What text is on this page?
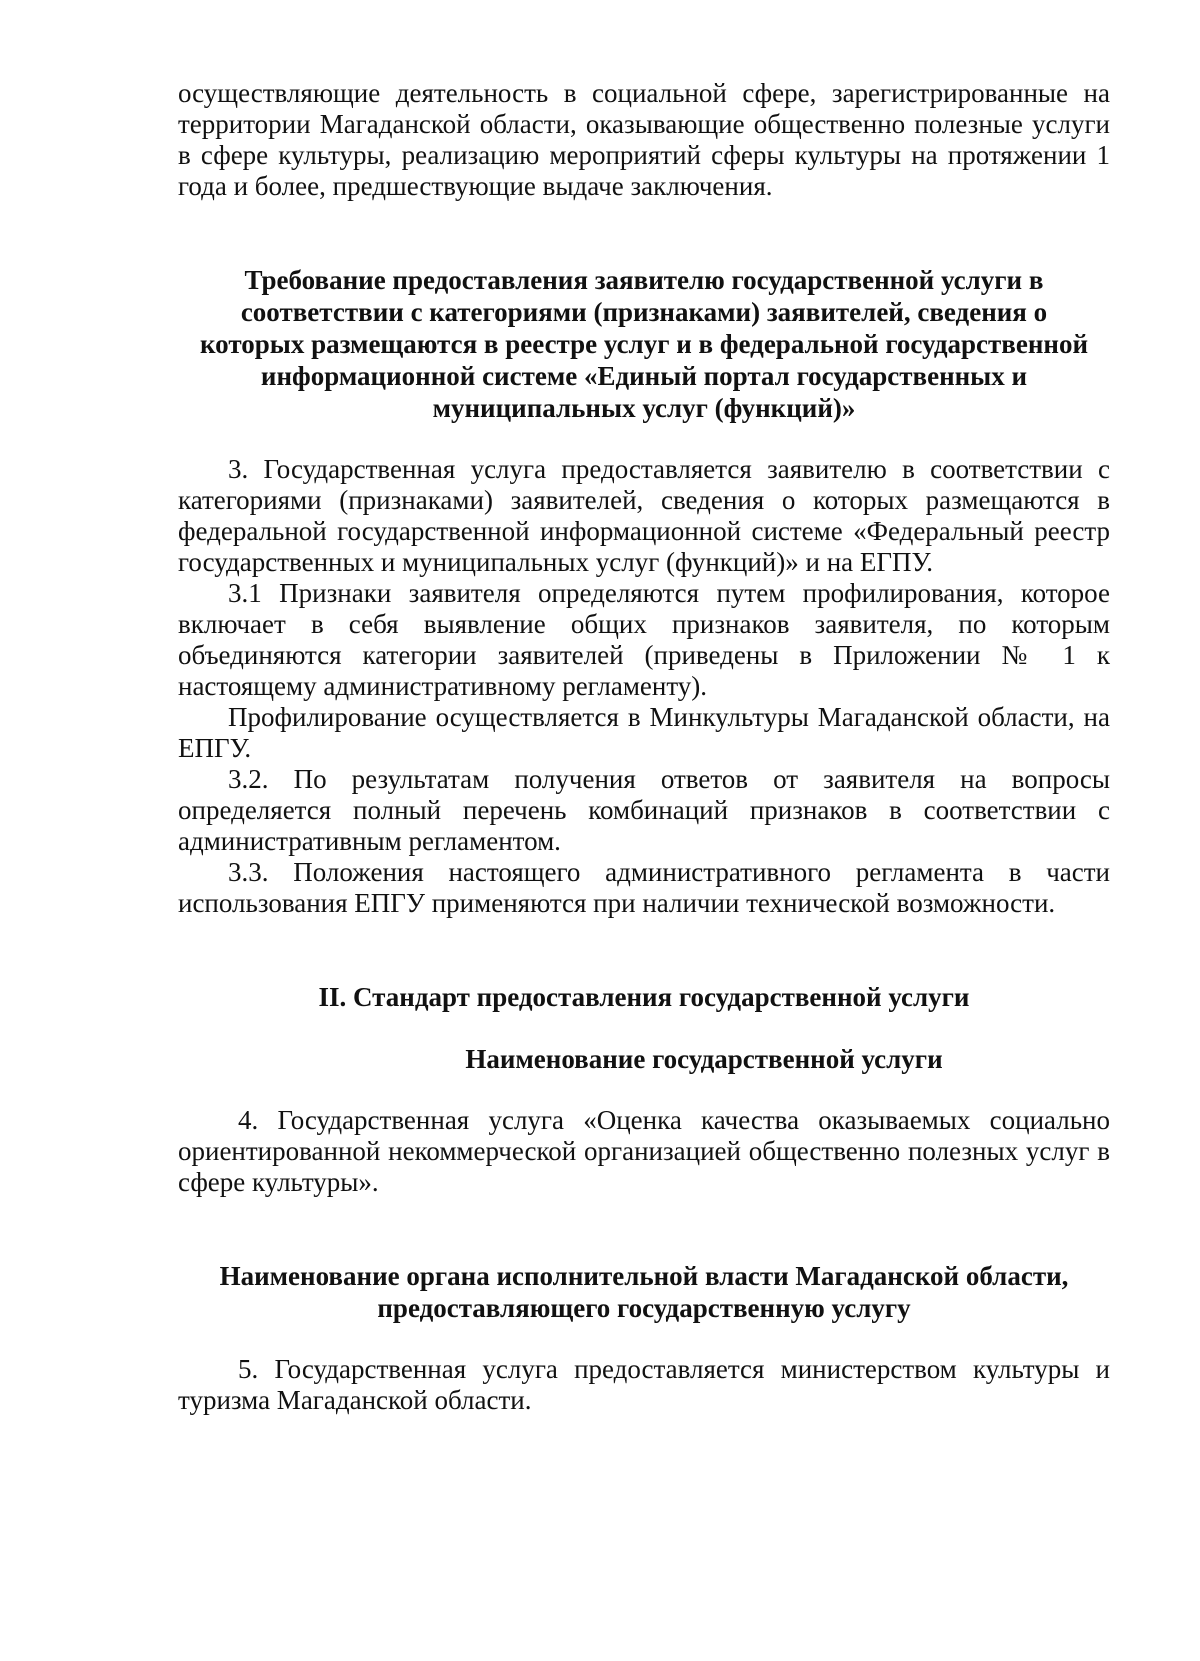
осуществляющие деятельность в социальной сфере, зарегистрированные на территории Магаданской области, оказывающие общественно полезные услуги в сфере культуры, реализацию мероприятий сферы культуры на протяжении 1 года и более, предшествующие выдаче заключения.

Требование предоставления заявителю государственной услуги в соответствии с категориями (признаками) заявителей, сведения о которых размещаются в реестре услуг и в федеральной государственной информационной системе «Единый портал государственных и муниципальных услуг (функций)»

3. Государственная услуга предоставляется заявителю в соответствии с категориями (признаками) заявителей, сведения о которых размещаются в федеральной государственной информационной системе «Федеральный реестр государственных и муниципальных услуг (функций)» и на ЕГПУ.

3.1 Признаки заявителя определяются путем профилирования, которое включает в себя выявление общих признаков заявителя, по которым объединяются категории заявителей (приведены в Приложении № 1 к настоящему административному регламенту).

Профилирование осуществляется в Минкультуры Магаданской области, на ЕПГУ.

3.2. По результатам получения ответов от заявителя на вопросы определяется полный перечень комбинаций признаков в соответствии с административным регламентом.

3.3. Положения настоящего административного регламента в части использования ЕПГУ применяются при наличии технической возможности.

II. Стандарт предоставления государственной услуги

Наименование государственной услуги

4. Государственная услуга «Оценка качества оказываемых социально ориентированной некоммерческой организацией общественно полезных услуг в сфере культуры».

Наименование органа исполнительной власти Магаданской области, предоставляющего государственную услугу

5. Государственная услуга предоставляется министерством культуры и туризма Магаданской области.
